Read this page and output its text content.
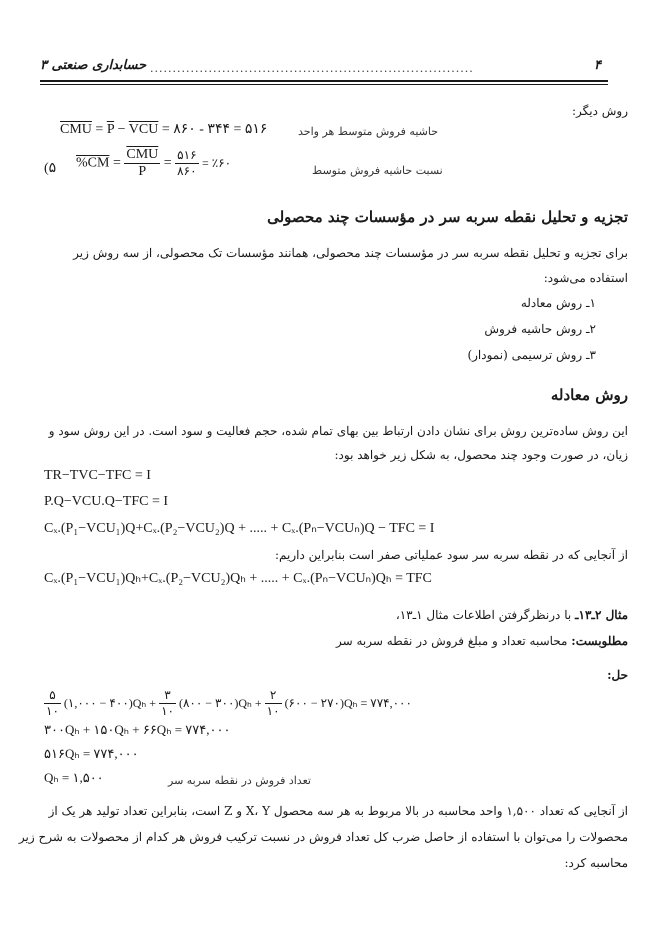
۴
........................................................................
حسابداری صنعتی ۳
روش دیگر:
$\overline{CMU} = \overline{P} - \overline{VCU}$ = ۸۶۰ - ۳۴۴ = ۵۱۶	حاشیه فروش متوسط هر واحد
(۵ $\%CM = \frac{\overline{CMU}}{P} = \frac{۵۱۶}{۸۶۰}$ = ٪۶۰
نسبت حاشیه فروش متوسط
تجزیه و تحلیل نقطه سربه سر در مؤسسات چند محصولی
برای تجزیه و تحلیل نقطه سربه سر در مؤسسات چند محصولی، همانند مؤسسات تک محصولی، از سه روش زیر
استفاده می‌شود:
۱ـ روش معادله
۲ـ روش حاشیه فروش
۳ـ روش ترسیمی (نمودار)
روش معادله
این روش ساده‌ترین روش برای نشان دادن ارتباط بین بهای تمام شده، حجم فعالیت و سود است. در این روش سود و
زیان، در صورت وجود چند محصول، به شکل زیر خواهد بود:
TR−TVC−TFC = I
P.Q−VCU.Q−TFC = I
Cₓ.(P₁−VCU₁)Q+Cₓ.(P₂−VCU₂)Q + ..... + Cₓ.(Pₙ−VCUₙ)Q − TFC = I
از آنجایی که در نقطه سربه سر سود عملیاتی صفر است بنابراین داریم:
Cₓ.(P₁−VCU₁)Qₕ+Cₓ.(P₂−VCU₂)Qₕ + ..... + Cₓ.(Pₙ−VCUₙ)Qₕ = TFC
مثال ۲ـ۱۳ـ با درنظرگرفتن اطلاعات مثال ۱ـ۱۳،
مطلوبست: محاسبه تعداد و مبلغ فروش در نقطه سربه سر
حل:
$\frac{۵}{۱۰}$ (۱,۰۰۰ − ۴۰۰)Qₕ + $\frac{۳}{۱۰}$ (۸۰۰ − ۳۰۰)Qₕ + $\frac{۲}{۱۰}$ (۶۰۰ − ۲۷۰)Qₕ = ۷۷۴,۰۰۰
۳۰۰Qₕ + ۱۵۰Qₕ + ۶۶Qₕ = ۷۷۴,۰۰۰
۵۱۶Qₕ = ۷۷۴,۰۰۰
Qₕ = ۱,۵۰۰	تعداد فروش در نقطه سربه سر
از آنجایی که تعداد ۱,۵۰۰ واحد محاسبه در بالا مربوط به هر سه محصول X، Y و Z است، بنابراین تعداد تولید هر یک از
محصولات را می‌توان با استفاده از حاصل ضرب کل تعداد فروش در نسبت ترکیب فروش هر کدام از محصولات به شرح زیر
محاسبه کرد:
